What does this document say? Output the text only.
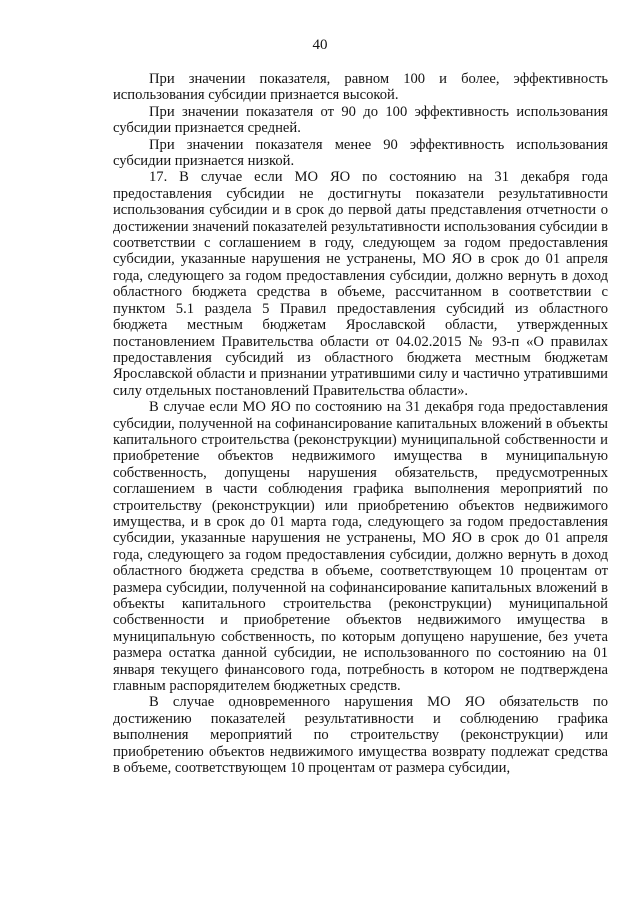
40

При значении показателя, равном 100 и более, эффективность использования субсидии признается высокой.

При значении показателя от 90 до 100 эффективность использования субсидии признается средней.

При значении показателя менее 90 эффективность использования субсидии признается низкой.

17. В случае если МО ЯО по состоянию на 31 декабря года предоставления субсидии не достигнуты показатели результативности использования субсидии и в срок до первой даты представления отчетности о достижении значений показателей результативности использования субсидии в соответствии с соглашением в году, следующем за годом предоставления субсидии, указанные нарушения не устранены, МО ЯО в срок до 01 апреля года, следующего за годом предоставления субсидии, должно вернуть в доход областного бюджета средства в объеме, рассчитанном в соответствии с пунктом 5.1 раздела 5 Правил предоставления субсидий из областного бюджета местным бюджетам Ярославской области, утвержденных постановлением Правительства области от 04.02.2015 № 93-п «О правилах предоставления субсидий из областного бюджета местным бюджетам Ярославской области и признании утратившими силу и частично утратившими силу отдельных постановлений Правительства области».

В случае если МО ЯО по состоянию на 31 декабря года предоставления субсидии, полученной на софинансирование капитальных вложений в объекты капитального строительства (реконструкции) муниципальной собственности и приобретение объектов недвижимого имущества в муниципальную собственность, допущены нарушения обязательств, предусмотренных соглашением в части соблюдения графика выполнения мероприятий по строительству (реконструкции) или приобретению объектов недвижимого имущества, и в срок до 01 марта года, следующего за годом предоставления субсидии, указанные нарушения не устранены, МО ЯО в срок до 01 апреля года, следующего за годом предоставления субсидии, должно вернуть в доход областного бюджета средства в объеме, соответствующем 10 процентам от размера субсидии, полученной на софинансирование капитальных вложений в объекты капитального строительства (реконструкции) муниципальной собственности и приобретение объектов недвижимого имущества в муниципальную собственность, по которым допущено нарушение, без учета размера остатка данной субсидии, не использованного по состоянию на 01 января текущего финансового года, потребность в котором не подтверждена главным распорядителем бюджетных средств.

В случае одновременного нарушения МО ЯО обязательств по достижению показателей результативности и соблюдению графика выполнения мероприятий по строительству (реконструкции) или приобретению объектов недвижимого имущества возврату подлежат средства в объеме, соответствующем 10 процентам от размера субсидии,
